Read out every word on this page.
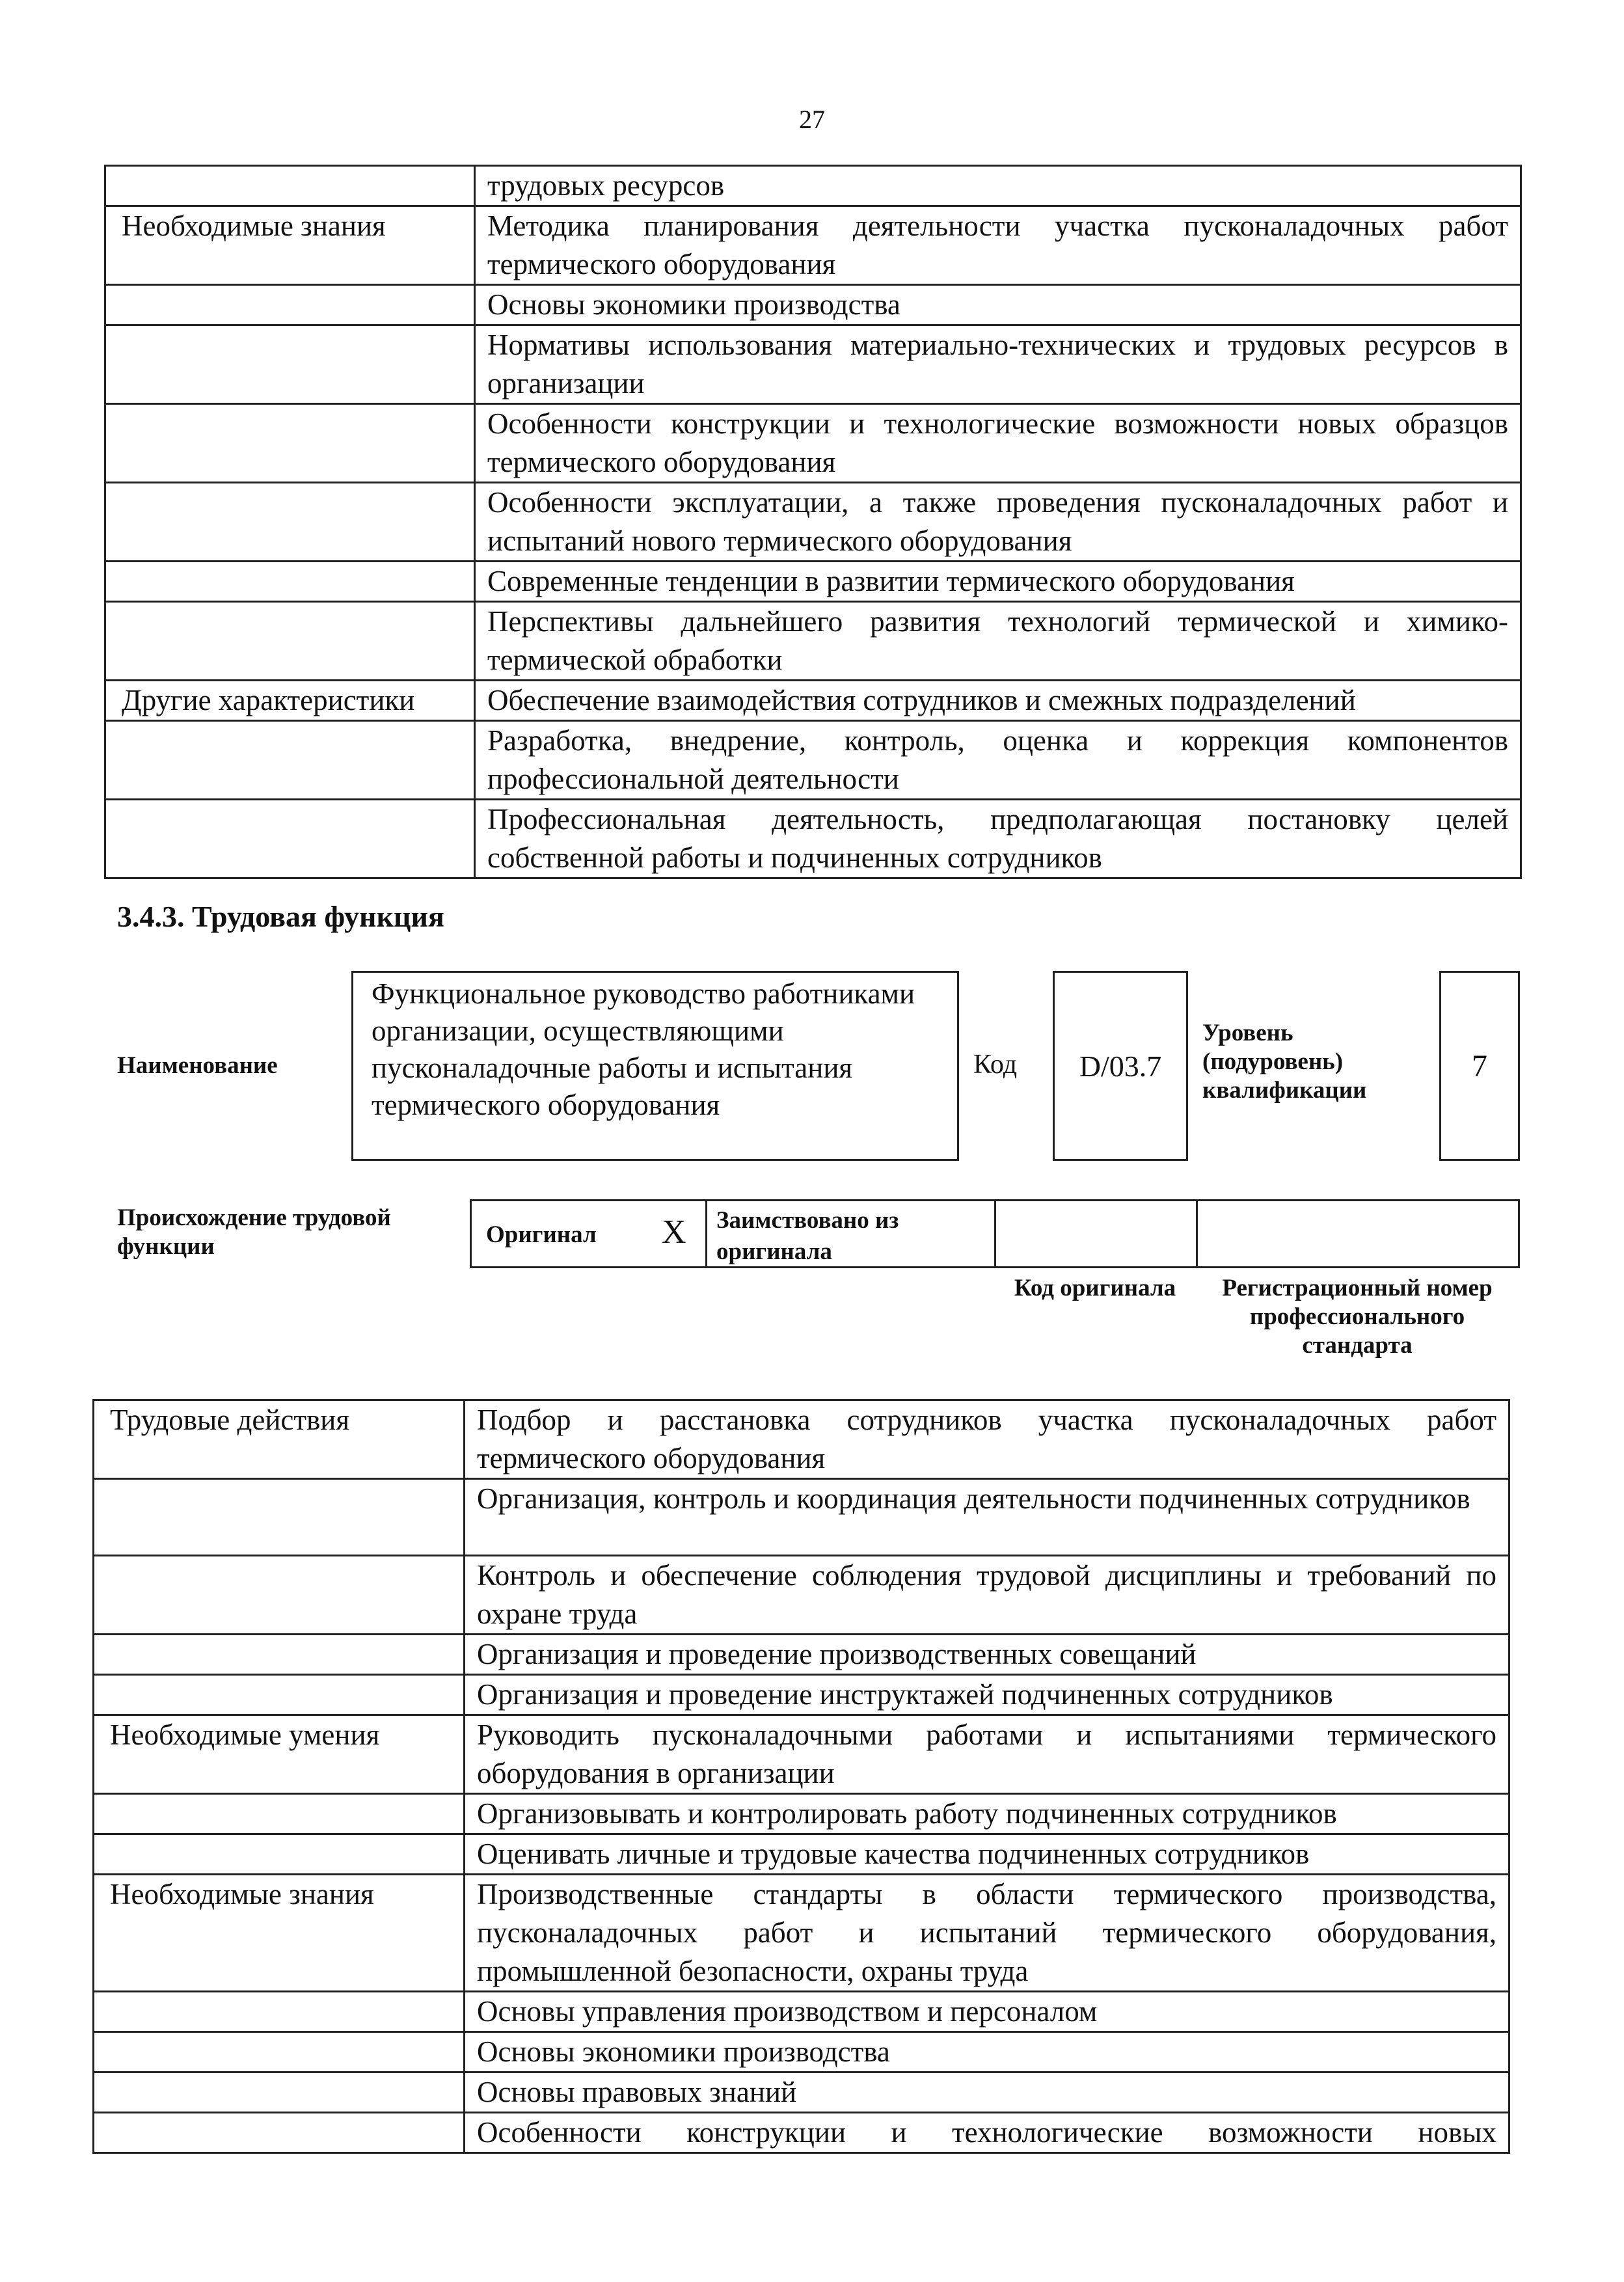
27
	трудовых ресурсов
Необходимые знания	Методика планирования деятельности участка пусконаладочных работ термического оборудования
	Основы экономики производства
	Нормативы использования материально-технических и трудовых ресурсов в организации
	Особенности конструкции и технологические возможности новых образцов термического оборудования
	Особенности эксплуатации, а также проведения пусконаладочных работ и испытаний нового термического оборудования
	Современные тенденции в развитии термического оборудования
	Перспективы дальнейшего развития технологий термической и химико-термической обработки
Другие характеристики	Обеспечение взаимодействия сотрудников и смежных подразделений
	Разработка, внедрение, контроль, оценка и коррекция компонентов профессиональной деятельности
	Профессиональная деятельность, предполагающая постановку целей собственной работы и подчиненных сотрудников
3.4.3. Трудовая функция
Наименование
Функциональное руководство работниками организации, осуществляющими пусконаладочные работы и испытания термического оборудования
Код D/03.7
Уровень (подуровень) квалификации
7
Происхождение трудовой функции	Оригинал X Заимствовано из оригинала
Код оригинала	Регистрационный номер профессионального стандарта
Трудовые действия	Подбор и расстановка сотрудников участка пусконаладочных работ термического оборудования
	Организация, контроль и координация деятельности подчиненных сотрудников
	Контроль и обеспечение соблюдения трудовой дисциплины и требований по охране труда
	Организация и проведение производственных совещаний
	Организация и проведение инструктажей подчиненных сотрудников
Необходимые умения	Руководить пусконаладочными работами и испытаниями термического оборудования в организации
	Организовывать и контролировать работу подчиненных сотрудников
	Оценивать личные и трудовые качества подчиненных сотрудников
Необходимые знания	Производственные стандарты в области термического производства, пусконаладочных работ и испытаний термического оборудования, промышленной безопасности, охраны труда
	Основы управления производством и персоналом
	Основы экономики производства
	Основы правовых знаний
	Особенности конструкции и технологические возможности новых
